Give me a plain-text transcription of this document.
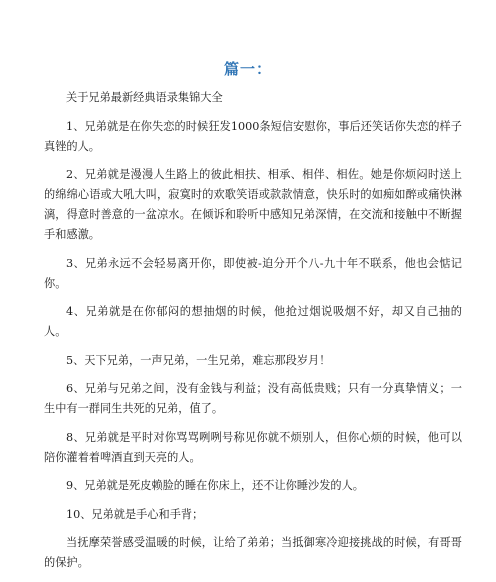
篇一：

关于兄弟最新经典语录集锦大全

1、兄弟就是在你失恋的时候狂发1000条短信安慰你，事后还笑话你失恋的样子真锉的人。

2、兄弟就是漫漫人生路上的彼此相扶、相承、相伴、相佐。她是你烦闷时送上的绵绵心语或大吼大叫，寂寞时的欢歌笑语或款款情意，快乐时的如痴如醉或痛快淋漓，得意时善意的一盆凉水。在倾诉和聆听中感知兄弟深情，在交流和接触中不断握手和感激。

3、兄弟永远不会轻易离开你，即使被-迫分开个八-九十年不联系，他也会惦记你。

4、兄弟就是在你郁闷的想抽烟的时候，他抢过烟说吸烟不好，却又自己抽的人。

5、天下兄弟，一声兄弟，一生兄弟，难忘那段岁月！

6、兄弟与兄弟之间，没有金钱与利益；没有高低贵贱；只有一分真挚情义；一生中有一群同生共死的兄弟，值了。

8、兄弟就是平时对你骂骂咧咧号称见你就不烦别人，但你心烦的时候，他可以陪你灌着着啤酒直到天亮的人。

9、兄弟就是死皮赖脸的睡在你床上，还不让你睡沙发的人。

10、兄弟就是手心和手背；

当抚摩荣誉感受温暖的时候，让给了弟弟；当抵御寒冷迎接挑战的时候，有哥哥的保护。
